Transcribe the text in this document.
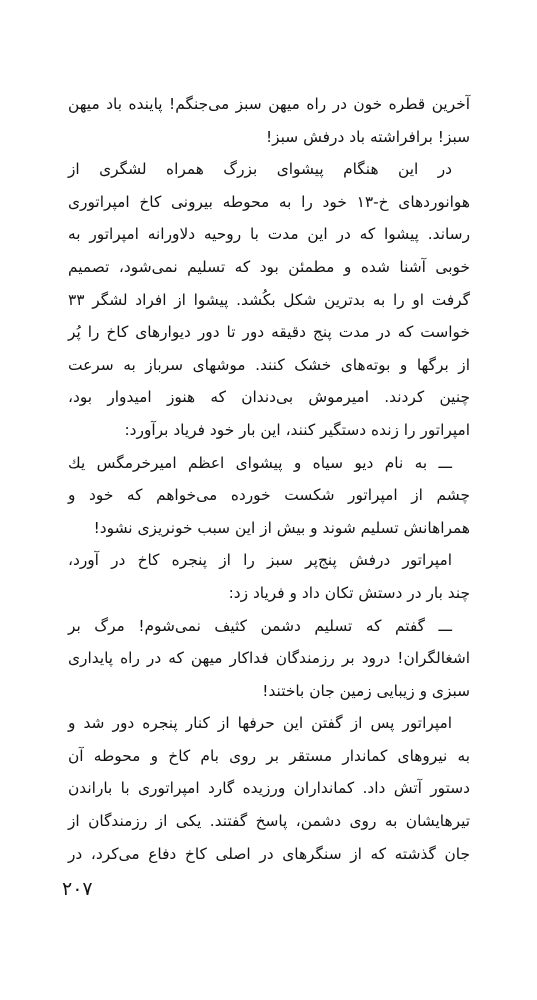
آخرین قطره خون در راه میهن سبز می‌جنگم! پاینده باد میهن
سبز! برافراشته باد درفش سبز!
در این هنگام پیشوای بزرگ همراه لشگری از
هوانوردهای خ-۱۳ خود را به محوطه بیرونی کاخ امپراتوری
رساند. پیشوا که در این مدت با روحیه دلاورانه امپراتور به
خوبی آشنا شده و مطمئن بود که تسلیم نمی‌شود، تصمیم
گرفت او را به بدترین شکل بکُشد. پیشوا از افراد لشگر ۳۳
خواست که در مدت پنج دقیقه دور تا دور دیوارهای کاخ را پُر
از برگها و بوته‌های خشک کنند. موشهای سرباز به سرعت
چنین کردند. امیرموش بی‌دندان که هنوز امیدوار بود،
امپراتور را زنده دستگیر کنند، این بار خود فریاد برآورد:
ـــ به نام دیو سیاه و پیشوای اعظم امیرخرمگس یك
چشم از امپراتور شکست خورده می‌خواهم که خود و
همراهانش تسلیم شوند و بیش از این سبب خونریزی نشود!
امپراتور درفش پنج‌پر سبز را از پنجره کاخ در آورد،
چند بار در دستش تکان داد و فریاد زد:
ـــ گفتم که تسلیم دشمن کثیف نمی‌شوم! مرگ بر
اشغالگران! درود بر رزمندگان فداکار میهن که در راه پایداری
سبزی و زیبایی زمین جان باختند!
امپراتور پس از گفتن این حرفها از کنار پنجره دور شد و
به نیروهای کماندار مستقر بر روی بام کاخ و محوطه آن
دستور آتش داد. کمانداران ورزیده گارد امپراتوری با باراندن
تیرهایشان به روی دشمن، پاسخ گفتند. یکی از رزمندگان از
جان گذشته که از سنگرهای در اصلی کاخ دفاع می‌کرد، در
۲۰۷
